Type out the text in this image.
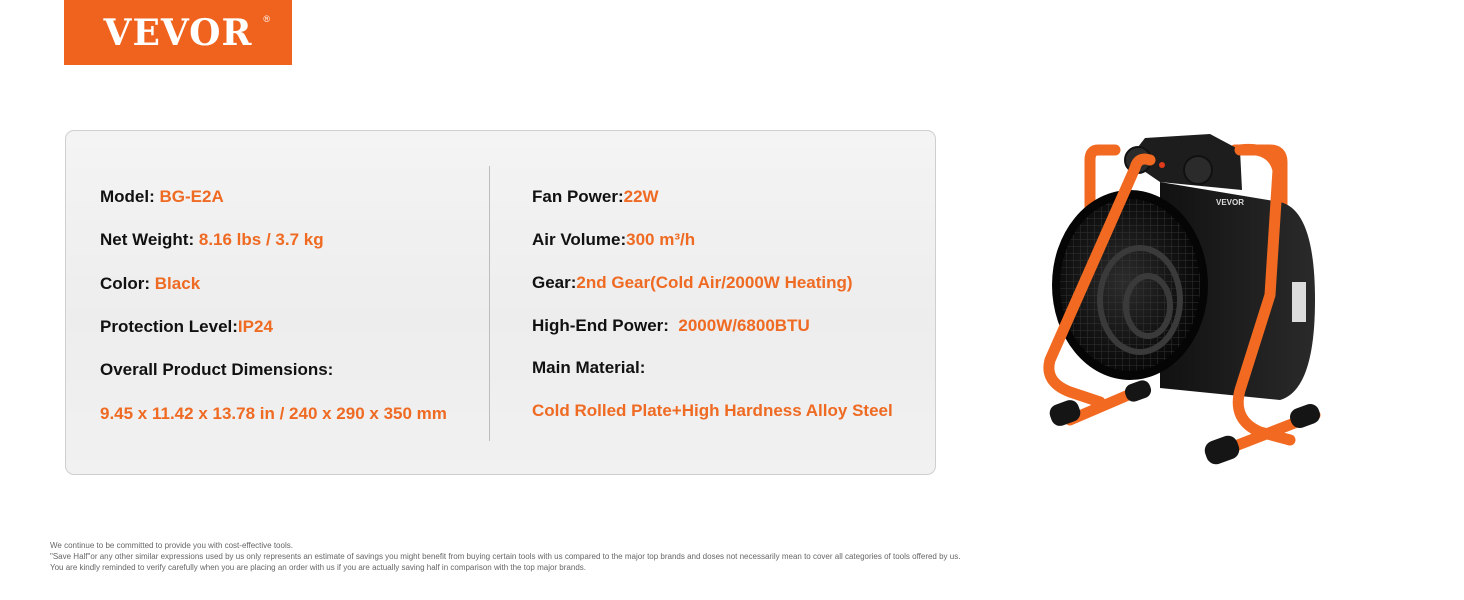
VEVOR ®
Model: BG-E2A
Net Weight: 8.16 lbs / 3.7 kg
Color: Black
Protection Level:IP24
Overall Product Dimensions:
9.45 x 11.42 x 13.78 in / 240 x 290 x 350 mm
Fan Power:22W
Air Volume:300 m³/h
Gear:2nd Gear(Cold Air/2000W Heating)
High-End Power:  2000W/6800BTU
Main Material:
Cold Rolled Plate+High Hardness Alloy Steel
VEVOR
We continue to be committed to provide you with cost-effective tools.
"Save Half"or any other similar expressions used by us only represents an estimate of savings you might benefit from buying certain tools with us compared to the major top brands and doses not necessarily mean to cover all categories of tools offered by us.
You are kindly reminded to verify carefully when you are placing an order with us if you are actually saving half in comparison with the top major brands.
